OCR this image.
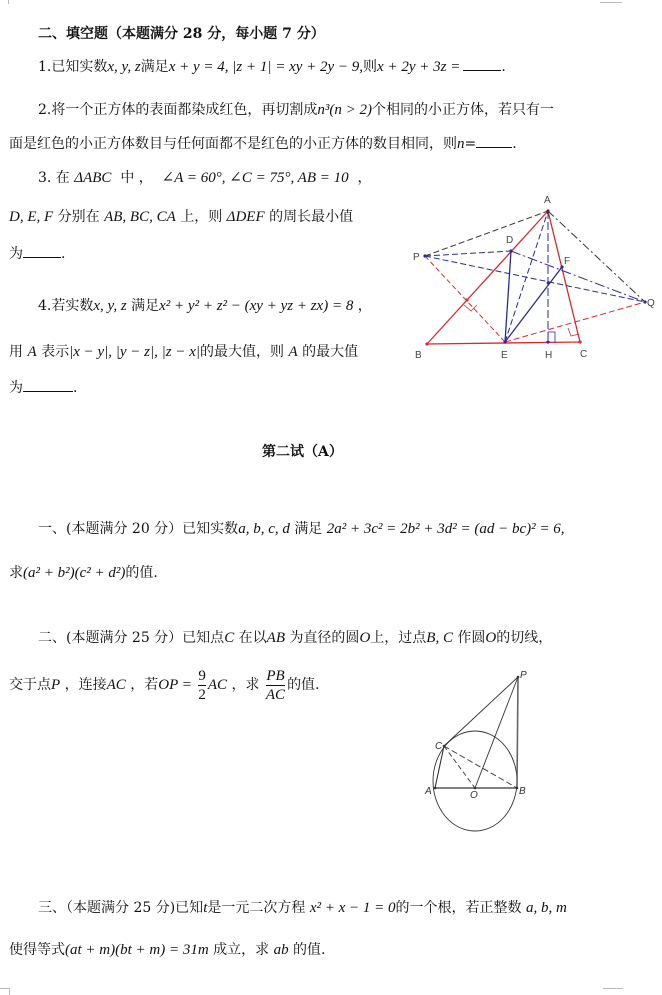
二、填空题（本题满分 28 分，每小题 7 分）
1.已知实数x, y, z满足x + y = 4, |z + 1| = xy + 2y − 9,则x + 2y + 3z =	.
2.将一个正方体的表面都染成红色，再切割成n³(n > 2)个相同的小正方体，若只有一
面是红色的小正方体数目与任何面都不是红色的小正方体的数目相同，则n=	.
3. 在 ΔABC 中 ， ∠A = 60°, ∠C = 75°, AB = 10 ，
D, E, F 分别在 AB, BC, CA 上，则 ΔDEF 的周长最小值
为	.
4.若实数x, y, z 满足x² + y² + z² − (xy + yz + zx) = 8 ，
用 A 表示|x − y|, |y − z|, |z − x|的最大值，则 A 的最大值
为	.
A
B	C
D
E
F
H
P
Q
第二试（A）
一、(本题满分 20 分）已知实数a, b, c, d 满足 2a² + 3c² = 2b² + 3d² = (ad − bc)² = 6,
求(a² + b²)(c² + d²)的值.
二、(本题满分 25 分）已知点C 在以AB 为直径的圆O上，过点B, C 作圆O的切线，
交于点P ，连接AC ，若OP = $\frac{9}{2}$ AC ，求 $\frac{PB}{AC}$ 的值.
P
C
A	O	B
三、（本题满分 25 分)已知t是一元二次方程 x² + x − 1 = 0的一个根，若正整数 a, b, m
使得等式(at + m)(bt + m) = 31m 成立，求 ab 的值.
